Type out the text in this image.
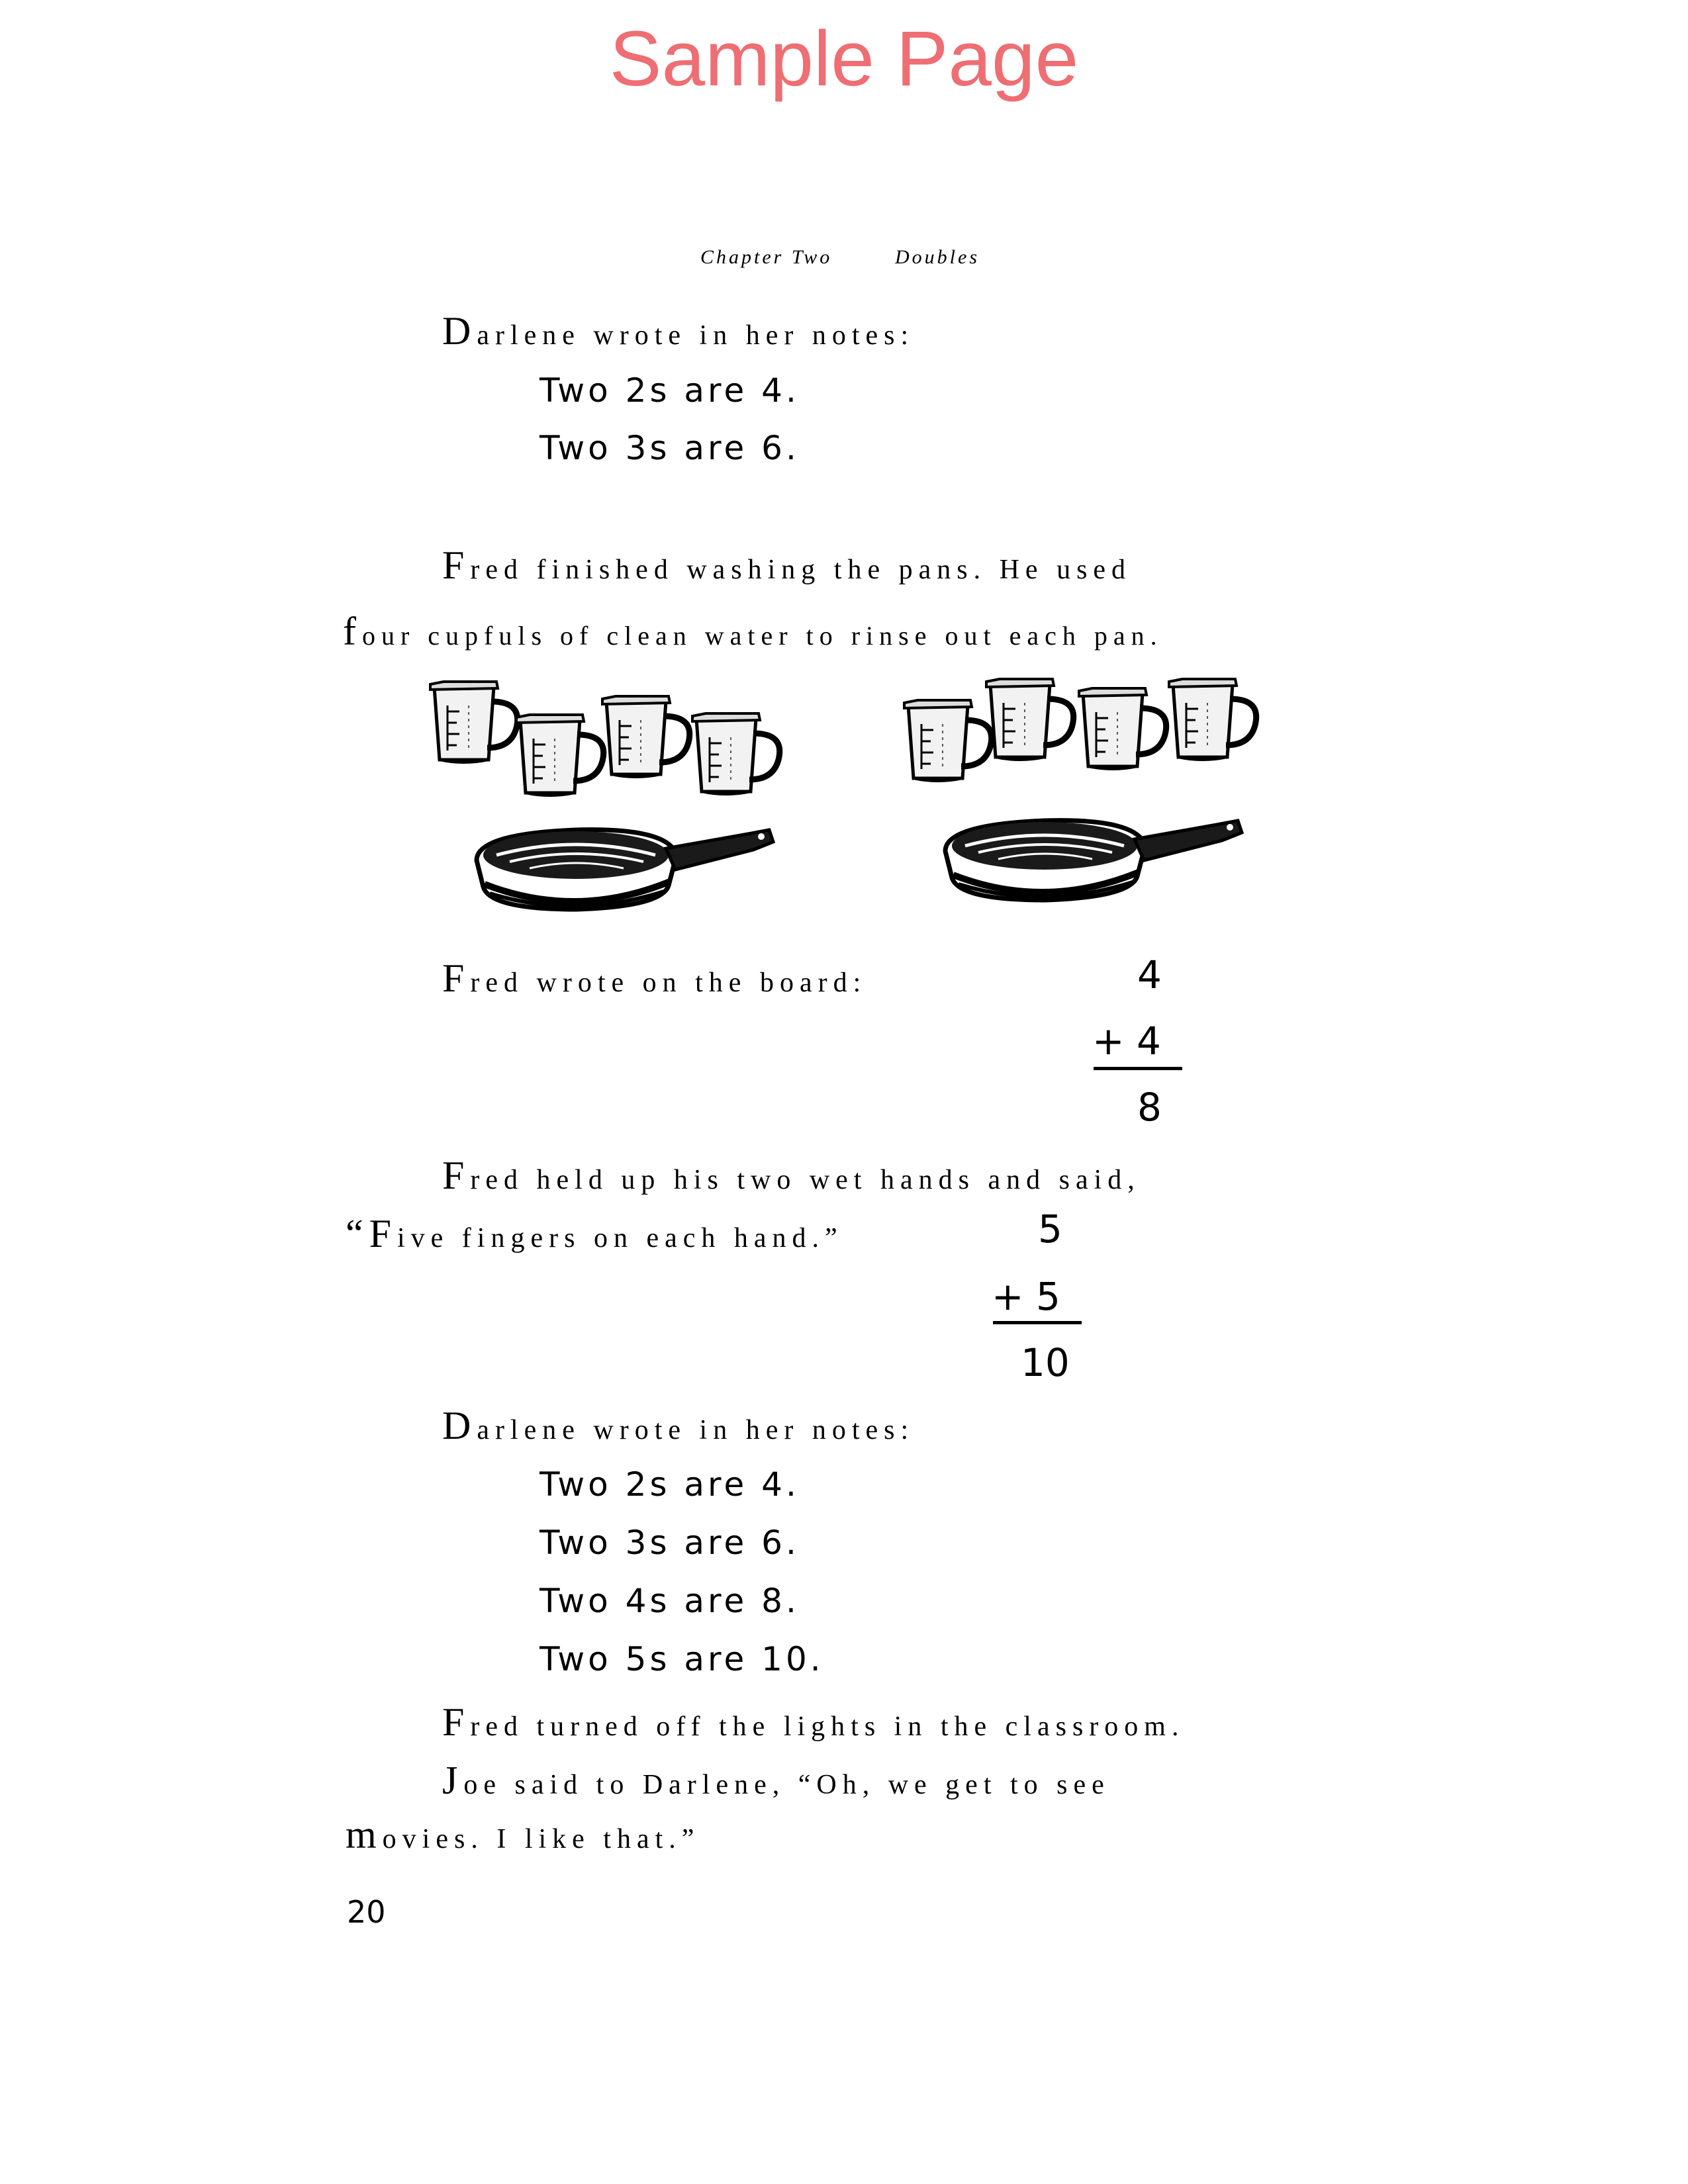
Sample Page
Chapter Two	Doubles
Darlene wrote in her notes:
Two 2s are 4.
Two 3s are 6.
Fred finished washing the pans. He used
four cupfuls of clean water to rinse out each pan.
Fred wrote on the board:	4
+ 4
8
Fred held up his two wet hands and said,
“Five fingers on each hand.”	5
+ 5
10
Darlene wrote in her notes:
Two 2s are 4.
Two 3s are 6.
Two 4s are 8.
Two 5s are 10.
Fred turned off the lights in the classroom.
Joe said to Darlene, “Oh, we get to see
movies. I like that.”
20
